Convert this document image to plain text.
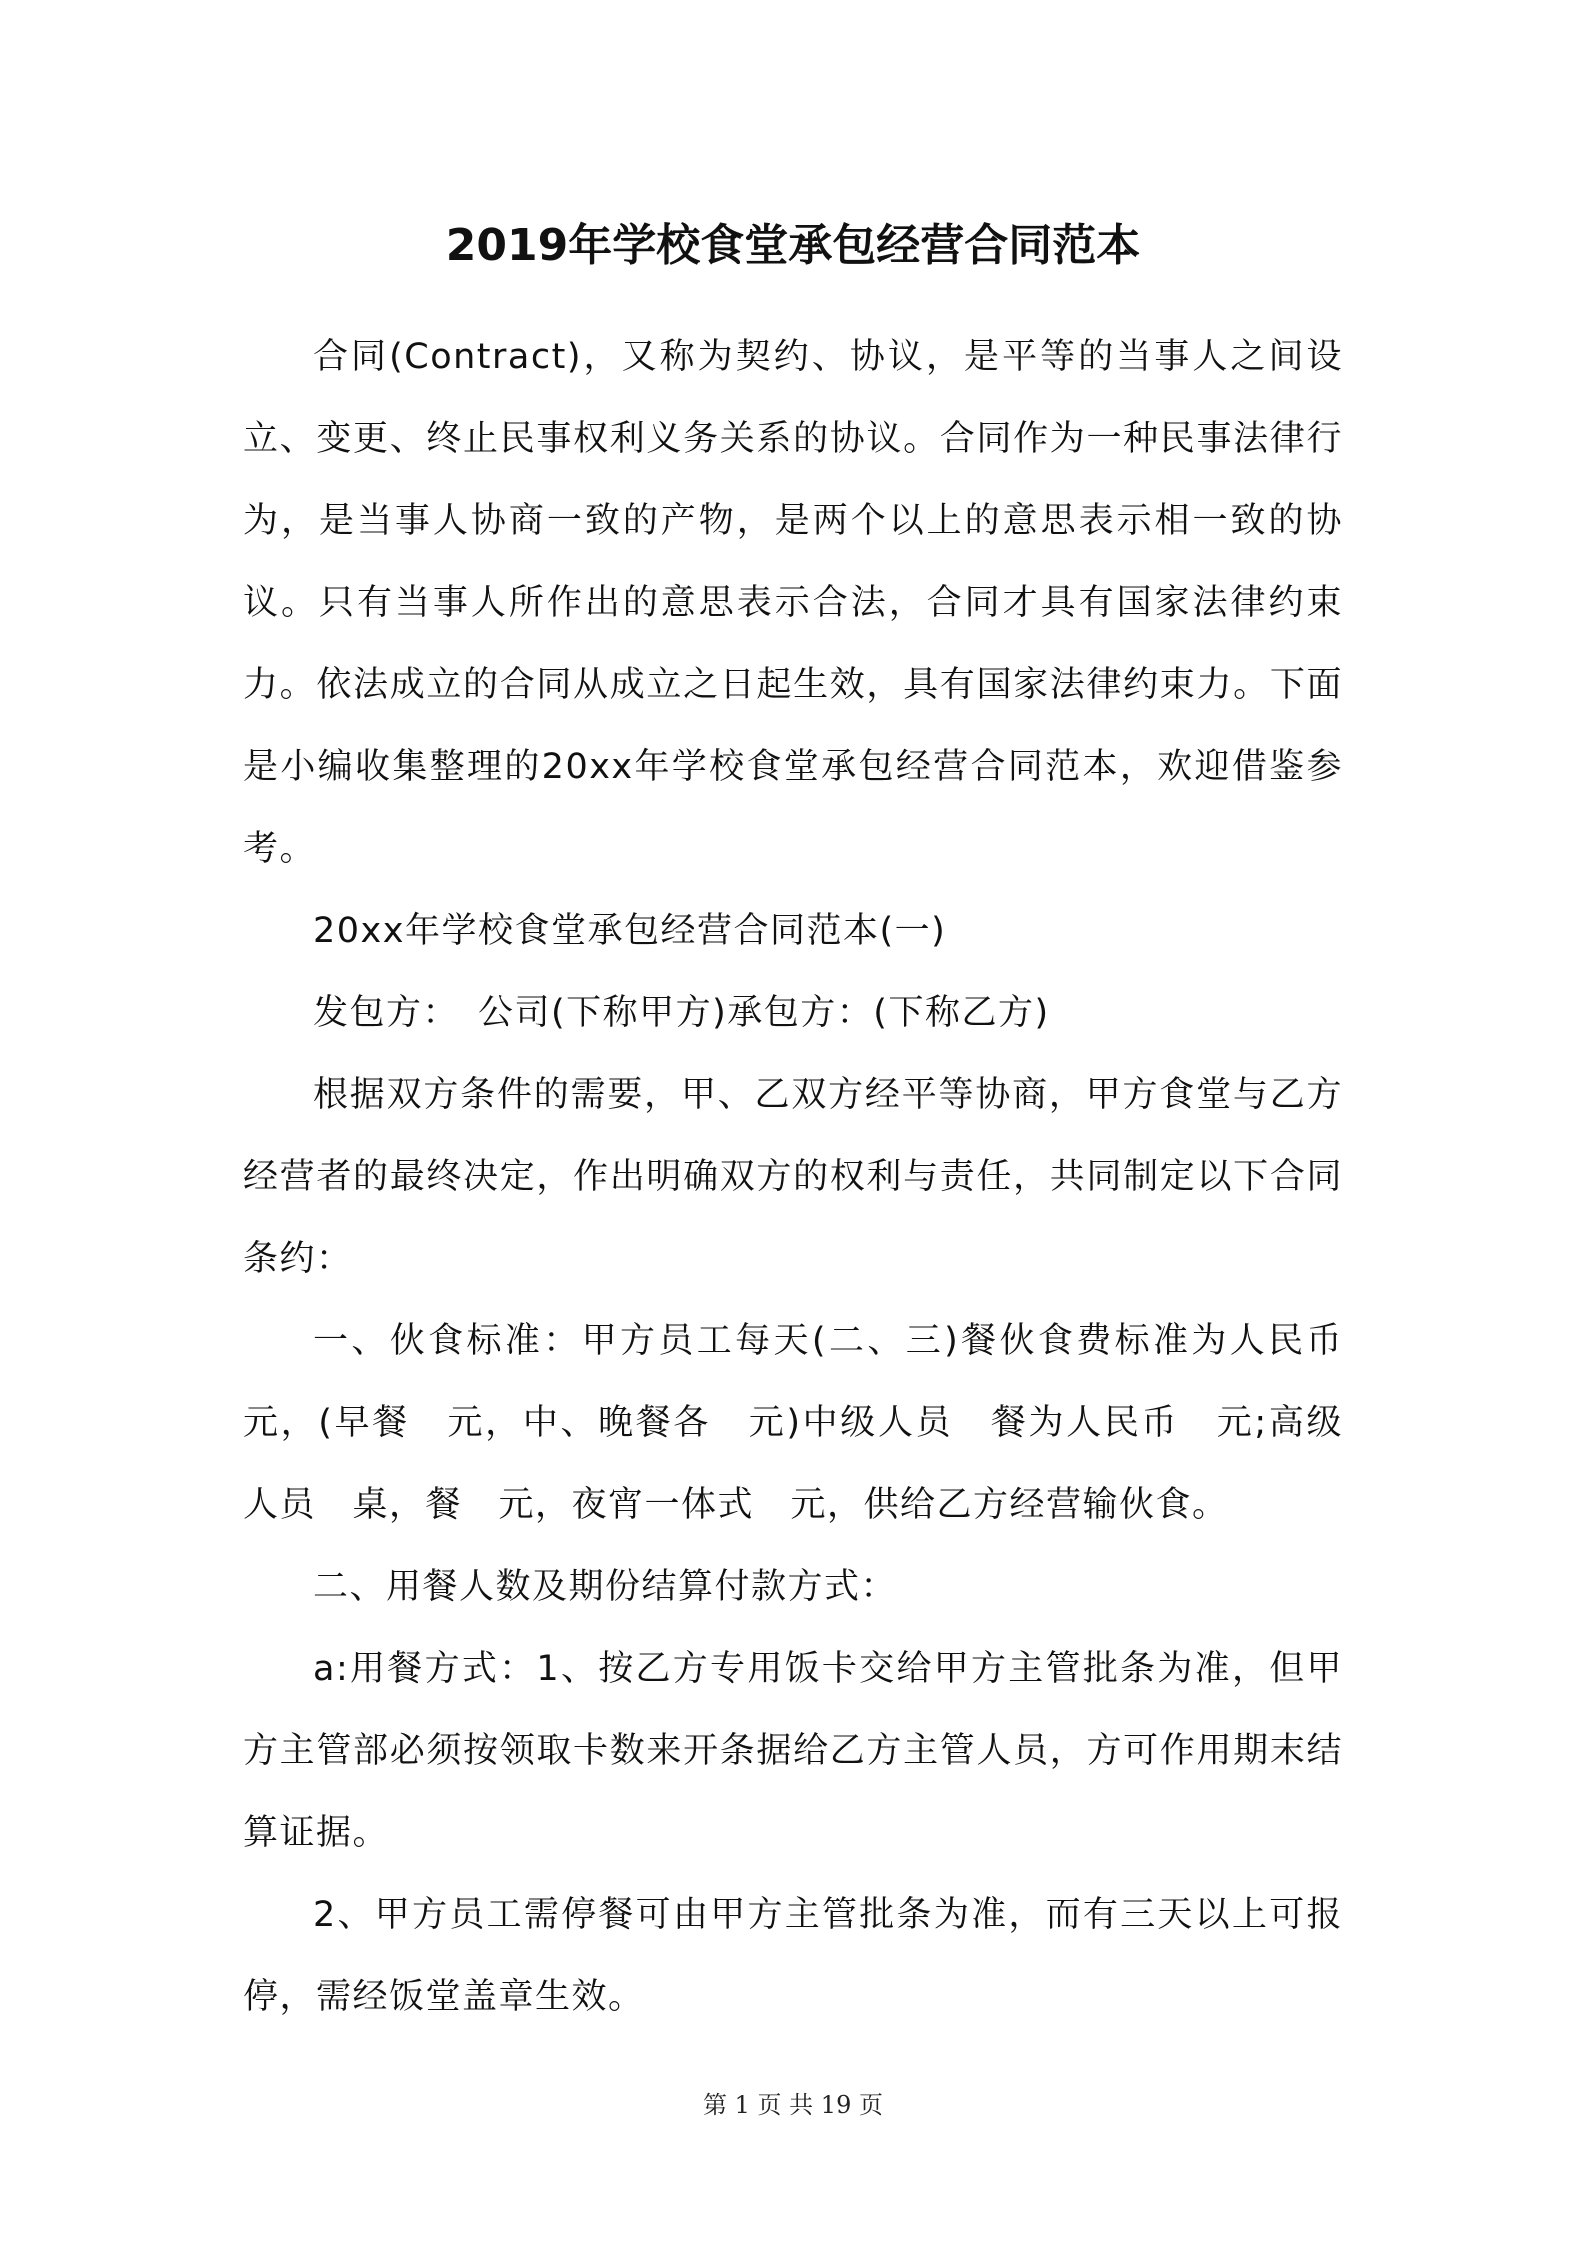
2019年学校食堂承包经营合同范本

合同(Contract)，又称为契约、协议，是平等的当事人之间设立、变更、终止民事权利义务关系的协议。合同作为一种民事法律行为，是当事人协商一致的产物，是两个以上的意思表示相一致的协议。只有当事人所作出的意思表示合法，合同才具有国家法律约束力。依法成立的合同从成立之日起生效，具有国家法律约束力。下面是小编收集整理的20xx年学校食堂承包经营合同范本，欢迎借鉴参考。

20xx年学校食堂承包经营合同范本(一)

发包方：　公司(下称甲方)承包方：(下称乙方)

根据双方条件的需要，甲、乙双方经平等协商，甲方食堂与乙方经营者的最终决定，作出明确双方的权利与责任，共同制定以下合同条约：

一、伙食标准：甲方员工每天(二、三)餐伙食费标准为人民币　元，(早餐　元，中、晚餐各　元)中级人员　餐为人民币　元;高级人员　桌，餐　元，夜宵一体式　元，供给乙方经营输伙食。

二、用餐人数及期份结算付款方式：

a:用餐方式：1、按乙方专用饭卡交给甲方主管批条为准，但甲方主管部必须按领取卡数来开条据给乙方主管人员，方可作用期末结算证据。

2、甲方员工需停餐可由甲方主管批条为准，而有三天以上可报停，需经饭堂盖章生效。

第 1 页 共 19 页
